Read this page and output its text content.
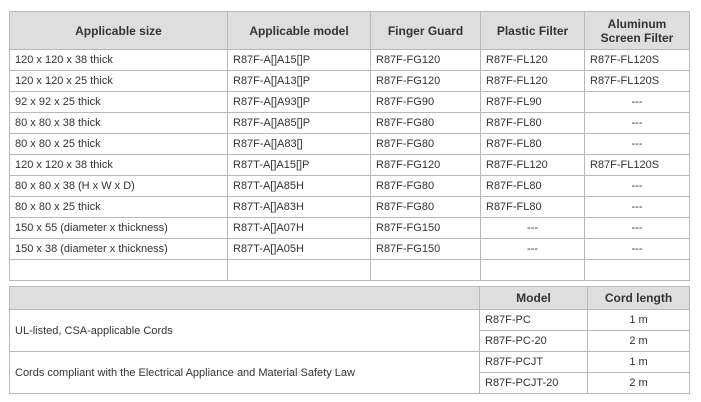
Applicable size	Applicable model	Finger Guard	Plastic Filter	Aluminum Screen Filter
120 x 120 x 38 thick	R87F-A[]A15[]P	R87F-FG120	R87F-FL120	R87F-FL120S
120 x 120 x 25 thick	R87F-A[]A13[]P	R87F-FG120	R87F-FL120	R87F-FL120S
92 x 92 x 25 thick	R87F-A[]A93[]P	R87F-FG90	R87F-FL90	---
80 x 80 x 38 thick	R87F-A[]A85[]P	R87F-FG80	R87F-FL80	---
80 x 80 x 25 thick	R87F-A[]A83[]	R87F-FG80	R87F-FL80	---
120 x 120 x 38 thick	R87T-A[]A15[]P	R87F-FG120	R87F-FL120	R87F-FL120S
80 x 80 x 38 (H x W x D)	R87T-A[]A85H	R87F-FG80	R87F-FL80	---
80 x 80 x 25 thick	R87T-A[]A83H	R87F-FG80	R87F-FL80	---
150 x 55 (diameter x thickness)	R87T-A[]A07H	R87F-FG150	---	---
150 x 38 (diameter x thickness)	R87T-A[]A05H	R87F-FG150	---	---

	Model	Cord length
UL-listed, CSA-applicable Cords	R87F-PC	1 m
	R87F-PC-20	2 m
Cords compliant with the Electrical Appliance and Material Safety Law	R87F-PCJT	1 m
	R87F-PCJT-20	2 m
